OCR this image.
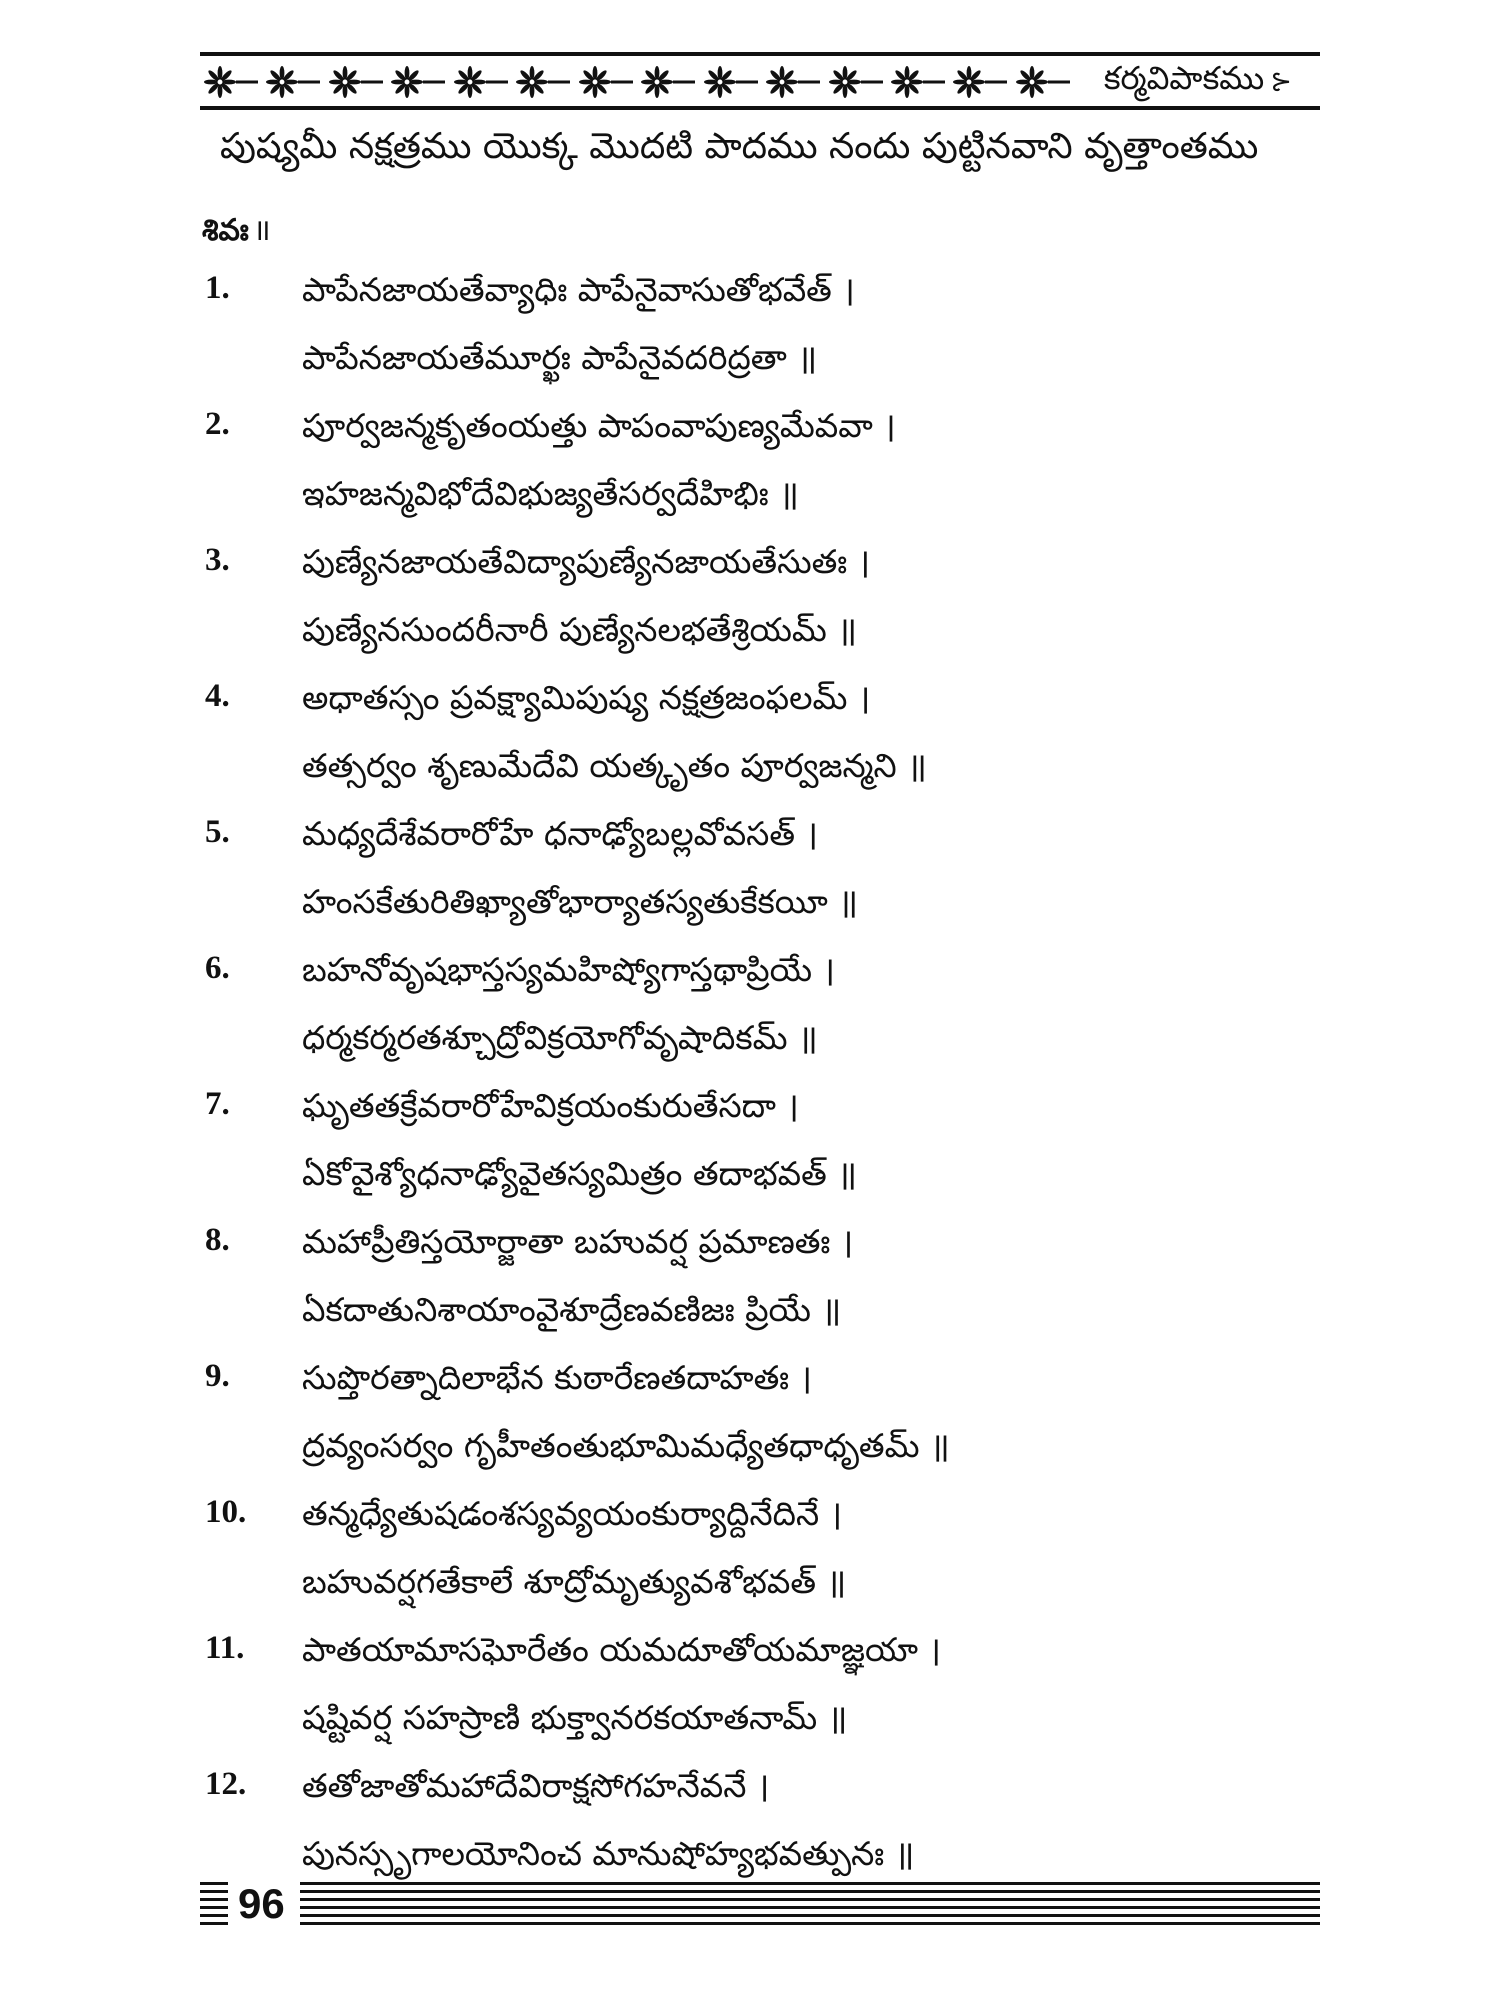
కర్మవిపాకము ⊱
పుష్యమీ నక్షత్రము యొక్క మొదటి పాదము నందు పుట్టినవాని వృత్తాంతము
శివః ॥
1.	పాపేనజాయతేవ్యాధిః పాపేనైవాసుతోభవేత్ ।
పాపేనజాయతేమూర్ఖః పాపేనైవదరిద్రతా ॥
2.	పూర్వజన్మకృతంయత్తు పాపంవాపుణ్యమేవవా ।
ఇహజన్మవిభోదేవిభుజ్యతేసర్వదేహిభిః ॥
3.	పుణ్యేనజాయతేవిద్యాపుణ్యేనజాయతేసుతః ।
పుణ్యేనసుందరీనారీ పుణ్యేనలభతేశ్రియమ్ ॥
4.	అధాతస్సం ప్రవక్ష్యామిపుష్య నక్షత్రజంఫలమ్ ।
తత్సర్వం శృణుమేదేవి యత్కృతం పూర్వజన్మని ॥
5.	మధ్యదేశేవరారోహే ధనాఢ్యోబల్లవోవసత్ ।
హంసకేతురితిఖ్యాతోభార్యాతస్యతుకేకయీ ॥
6.	బహనోవృషభాస్తస్యమహిష్యోగాస్తథాప్రియే ।
ధర్మకర్మరతశ్చూద్రోవిక్రయోగోవృషాదికమ్ ॥
7.	ఘృతతక్రేవరారోహేవిక్రయంకురుతేసదా ।
ఏకోవైశ్యోధనాఢ్యోవైతస్యమిత్రం తదాభవత్ ॥
8.	మహాప్రీతిస్తయోర్జాతా బహువర్ష ప్రమాణతః ।
ఏకదాతునిశాయాంవైశూద్రేణవణిజః ప్రియే ॥
9.	సుప్తొరత్నాదిలాభేన కుఠారేణతదాహతః ।
ద్రవ్యంసర్వం గృహీతంతుభూమిమధ్యేతధాధృతమ్ ॥
10.	తన్మధ్యేతుషడంశస్యవ్యయంకుర్యాద్దినేదినే ।
బహువర్షగతేకాలే శూద్రోమృత్యువశోభవత్ ॥
11.	పాతయామాసఘోరేతం యమదూతోయమాజ్ఞయా ।
షష్టివర్ష సహస్రాణి భుక్త్వానరకయాతనామ్ ॥
12.	తతోజాతోమహాదేవిరాక్షసోగహనేవనే ।
పునస్సృగాలయోనించ మానుషోహ్యభవత్పునః ॥
96
